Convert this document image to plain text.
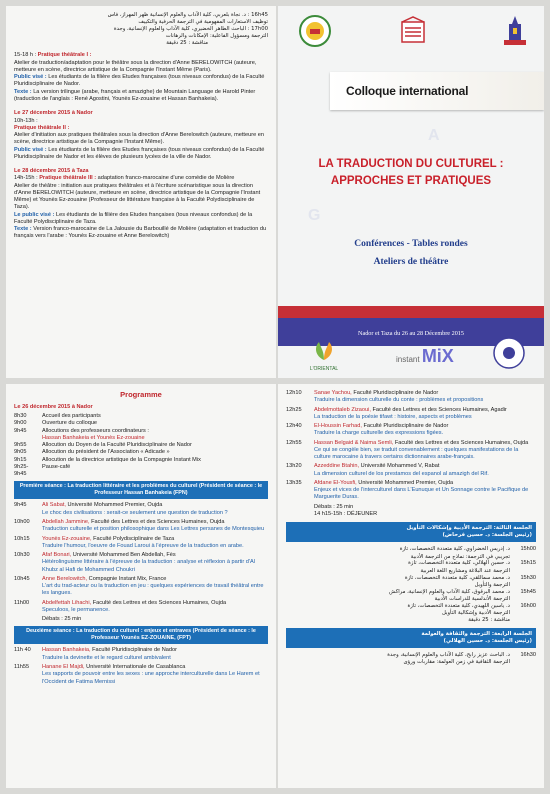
16h45 : د. نجاة بلعربي، كلية الآداب والعلوم الإنسانية ظهر المهراز، فاس
توظيف الاستعارات المفهومية في الترجمة الحرفية والتكييف
17h00 : الباحث الطاهر الخضيري، كلية الآداب والعلوم الإنسانية، وجدة
الترجمة ومسؤول الفاعلية: الإمكانات والرهانات
مناقشة : 25 دقيقة
15-18 h : Pratique théâtrale I :
Atelier de traduction/adaptation pour le théâtre sous la direction d'Anne BERELOWITCH (auteure, metteure en scène, directrice artistique de la Compagnie l'Instant Même (Paris).
Public visé : Les étudiants de la filière des Etudes françaises (tous niveaux confondus) de la Faculté Pluridisciplinaire de Nador.
Texte : La version trilingue (arabe, français et amazighe) de Mountain Language de Harold Pinter (traduction de l'anglais : René Agostini, Younès Ez-zouaine et Hassan Banhakeia).
Le 27 décembre 2015 à Nador
10h-13h :
Pratique théâtrale II :
Atelier d'initiation aux pratiques théâtrales sous la direction d'Anne Berelowitch (auteure, metteure en scène, directrice artistique de la Compagnie l'Instant Même).
Public visé : Les étudiants de la filière des Etudes françaises (tous niveaux confondus) de la Faculté Pluridisciplinaire de Nador et les élèves de plusieurs lycées de la ville de Nador.
Le 28 décembre 2015 à Taza
14h-15h : Pratique théâtrale III : adaptation franco-marocaine d'une comédie de Molière
Atelier de théâtre : initiation aux pratiques théâtrales et à l'écriture scénaristique sous la direction d'Anne BERELOWITCH (auteure, metteure en scène, directrice artistique de la Compagnie l'Instant Même) et Younès Ez-zouaine (Professeur de littérature française à la Faculté Polydisciplinaire de Taza).
Le public visé : Les étudiants de la filière des Etudes françaises (tous niveaux confondus) de la Faculté Polydisciplinaire de Taza.
Texte : Version franco-marocaine de La Jalousie du Barbouillé de Molière (adaptation et traduction du français vers l'arabe : Younès Ez-zouaine et Anne Berelowitch)
A
G
Colloque international
LA TRADUCTION DU CULTUREL :
APPROCHES ET PRATIQUES
Conférences - Tables rondes
Ateliers de théâtre
Nador et Taza du 26 au 28 Décembre 2015
L'ORIENTAL
instant MiX
Programme
Le 26 décembre 2015 à Nador
8h30	Accueil des participants
9h00	Ouverture du colloque
9h45	Allocutions des professeurs coordinateurs :
Hassan Banhakeia et Younès Ez-zouaine
9h55	Allocution du Doyen de la Faculté Pluridisciplinaire de Nador
9h05	Allocution du président de l'Association « Adicade »
9h15	Allocution de la directrice artistique de la Compagnie Instant Mix
9h25-9h45
Pause-café
Première séance : La traduction littéraire et les problèmes du culturel (Président de séance : le Professeur Hassan Banhakeia (FPN)
9h45	Ali Sabat, Université Mohammed Premier, Oujda
Le choc des civilisations : serait-ce seulement une question de traduction ?
10h00	Abdellah Jammine, Faculté des Lettres et des Sciences Humaines, Oujda
Traduction culturelle et position philosophique dans Les Lettres persanes de Montesquieu
10h15	Younès Ez-zouaine, Faculté Polydisciplinaire de Taza
Traduire l'humour, l'oeuvre de Fouad Laroui à l'épreuve de la traduction en arabe.
10h30	Afaf Bonari, Université Mohammed Ben Abdellah, Fès
Hétérolinguisme littéraire à l'épreuve de la traduction : analyse et réflexion à partir d'Al Khubz al Hafi de Mohammed Choukri
10h45	Anne Berelowitch, Compagnie Instant Mix, France
L'art du trad-acteur ou la traduction en jeu : quelques expériences de travail théâtral entre les langues.
11h00	Abdelfettah Lihachi, Faculté des Lettres et des Sciences Humaines, Oujda
Speculoos, le permanence.
Débats : 25 min
Deuxième séance : La traduction du culturel : enjeux et entraves (Président de séance : le Professeur Younès EZ-ZOUAINE, (FPT)
11h 40	Hassan Banhakeia, Faculté Pluridisciplinaire de Nador
Traduire la devinette et le regard culturel ambivalent
11h55	Hanane El Majdi, Université Internationale de Casablanca
Les rapports de pouvoir entre les sexes : une approche interculturelle dans Le Harem et l'Occident de Fatima Mernissi
12h10	Sanae Yachou, Faculté Pluridisciplinaire de Nador
Traduire la dimension culturelle du conte : problèmes et propositions
12h25	Abdelmottaleb Zizaoui, Faculté des Lettres et des Sciences Humaines, Agadir
La traduction de la poésie tifawt : histoire, aspects et problèmes
12h40	El-Houssin Farhad, Faculté Pluridisciplinaire de Nador
Traduire la charge culturelle des expressions figées.
12h55	Hassan Belgaid & Naima Semli, Faculté des Lettres et des Sciences Humaines, Oujda
Ce qui se congèle bien, se traduit convenablement : quelques manifestations de la culture marocaine à travers certains dictionnaires arabe-français.
13h20	Azzeddine Btahin, Université Mohammed V, Rabat
La dimension culturel de los prestamos del espanol al amazigh del Rif.
13h35	Afdane El-Yousfi, Université Mohammed Premier, Oujda
Enjeux et vices de l'interculturel dans L'Eunuque et Un Sonnage contre le Pacifique de Marguerite Duras.
Débats : 25 min
14 h15-15h : DÉJEUNER
الجلسة الثالثة: الترجمة الأدبية وإشكالات التأويل
(رئيس الجلسة: د. حسين فرحاض)
د. إدريس الخضراوي، كلية متعددة التخصصات، تازة	15h00
تجريبي في الترجمة: نماذج من الترجمة الأدبية
د. حسين الهلالي، كلية متعددة التخصصات، تازة	15h15
الترجمة عند البلاغة ومشاريع اللغة العربية
د. محمد سماللقي، كلية متعددة التخصصات، تازة	15h30
الترجمة والتأويل
د. محمد البرقوق، كلية الآداب والعلوم الإنسانية، مراكش	15h45
الترجمة الأندلسية للدراسات الأدبية
د. ياسين اللهيدي، كلية متعددة التخصصات، تازة	16h00
الترجمة الأدبية وإشكالية التأويل
مناقشة : 25 دقيقة
الجلسة الرابعة: الترجمة والثقافة والعولمة
(رئيس الجلسة: د. حسين الهلالي)
د. الباحث عزيز رابح، كلية الآداب والعلوم الإنسانية، وجدة	16h30
الترجمة الثقافية في زمن العولمة: مقاربات ورؤى
